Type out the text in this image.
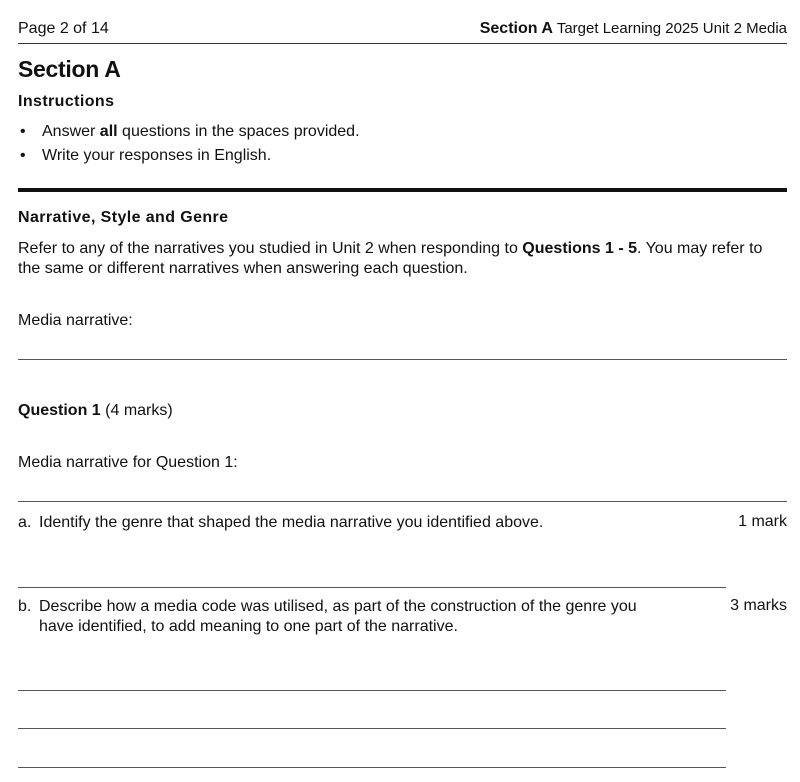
Page 2 of 14	Section A Target Learning 2025 Unit 2 Media
Section A
Instructions
• Answer all questions in the spaces provided.
• Write your responses in English.
Narrative, Style and Genre
Refer to any of the narratives you studied in Unit 2 when responding to Questions 1 - 5. You may refer to the same or different narratives when answering each question.
Media narrative:
Question 1 (4 marks)
Media narrative for Question 1:
a. Identify the genre that shaped the media narrative you identified above.	1 mark
b. Describe how a media code was utilised, as part of the construction of the genre you
have identified, to add meaning to one part of the narrative.
3 marks
